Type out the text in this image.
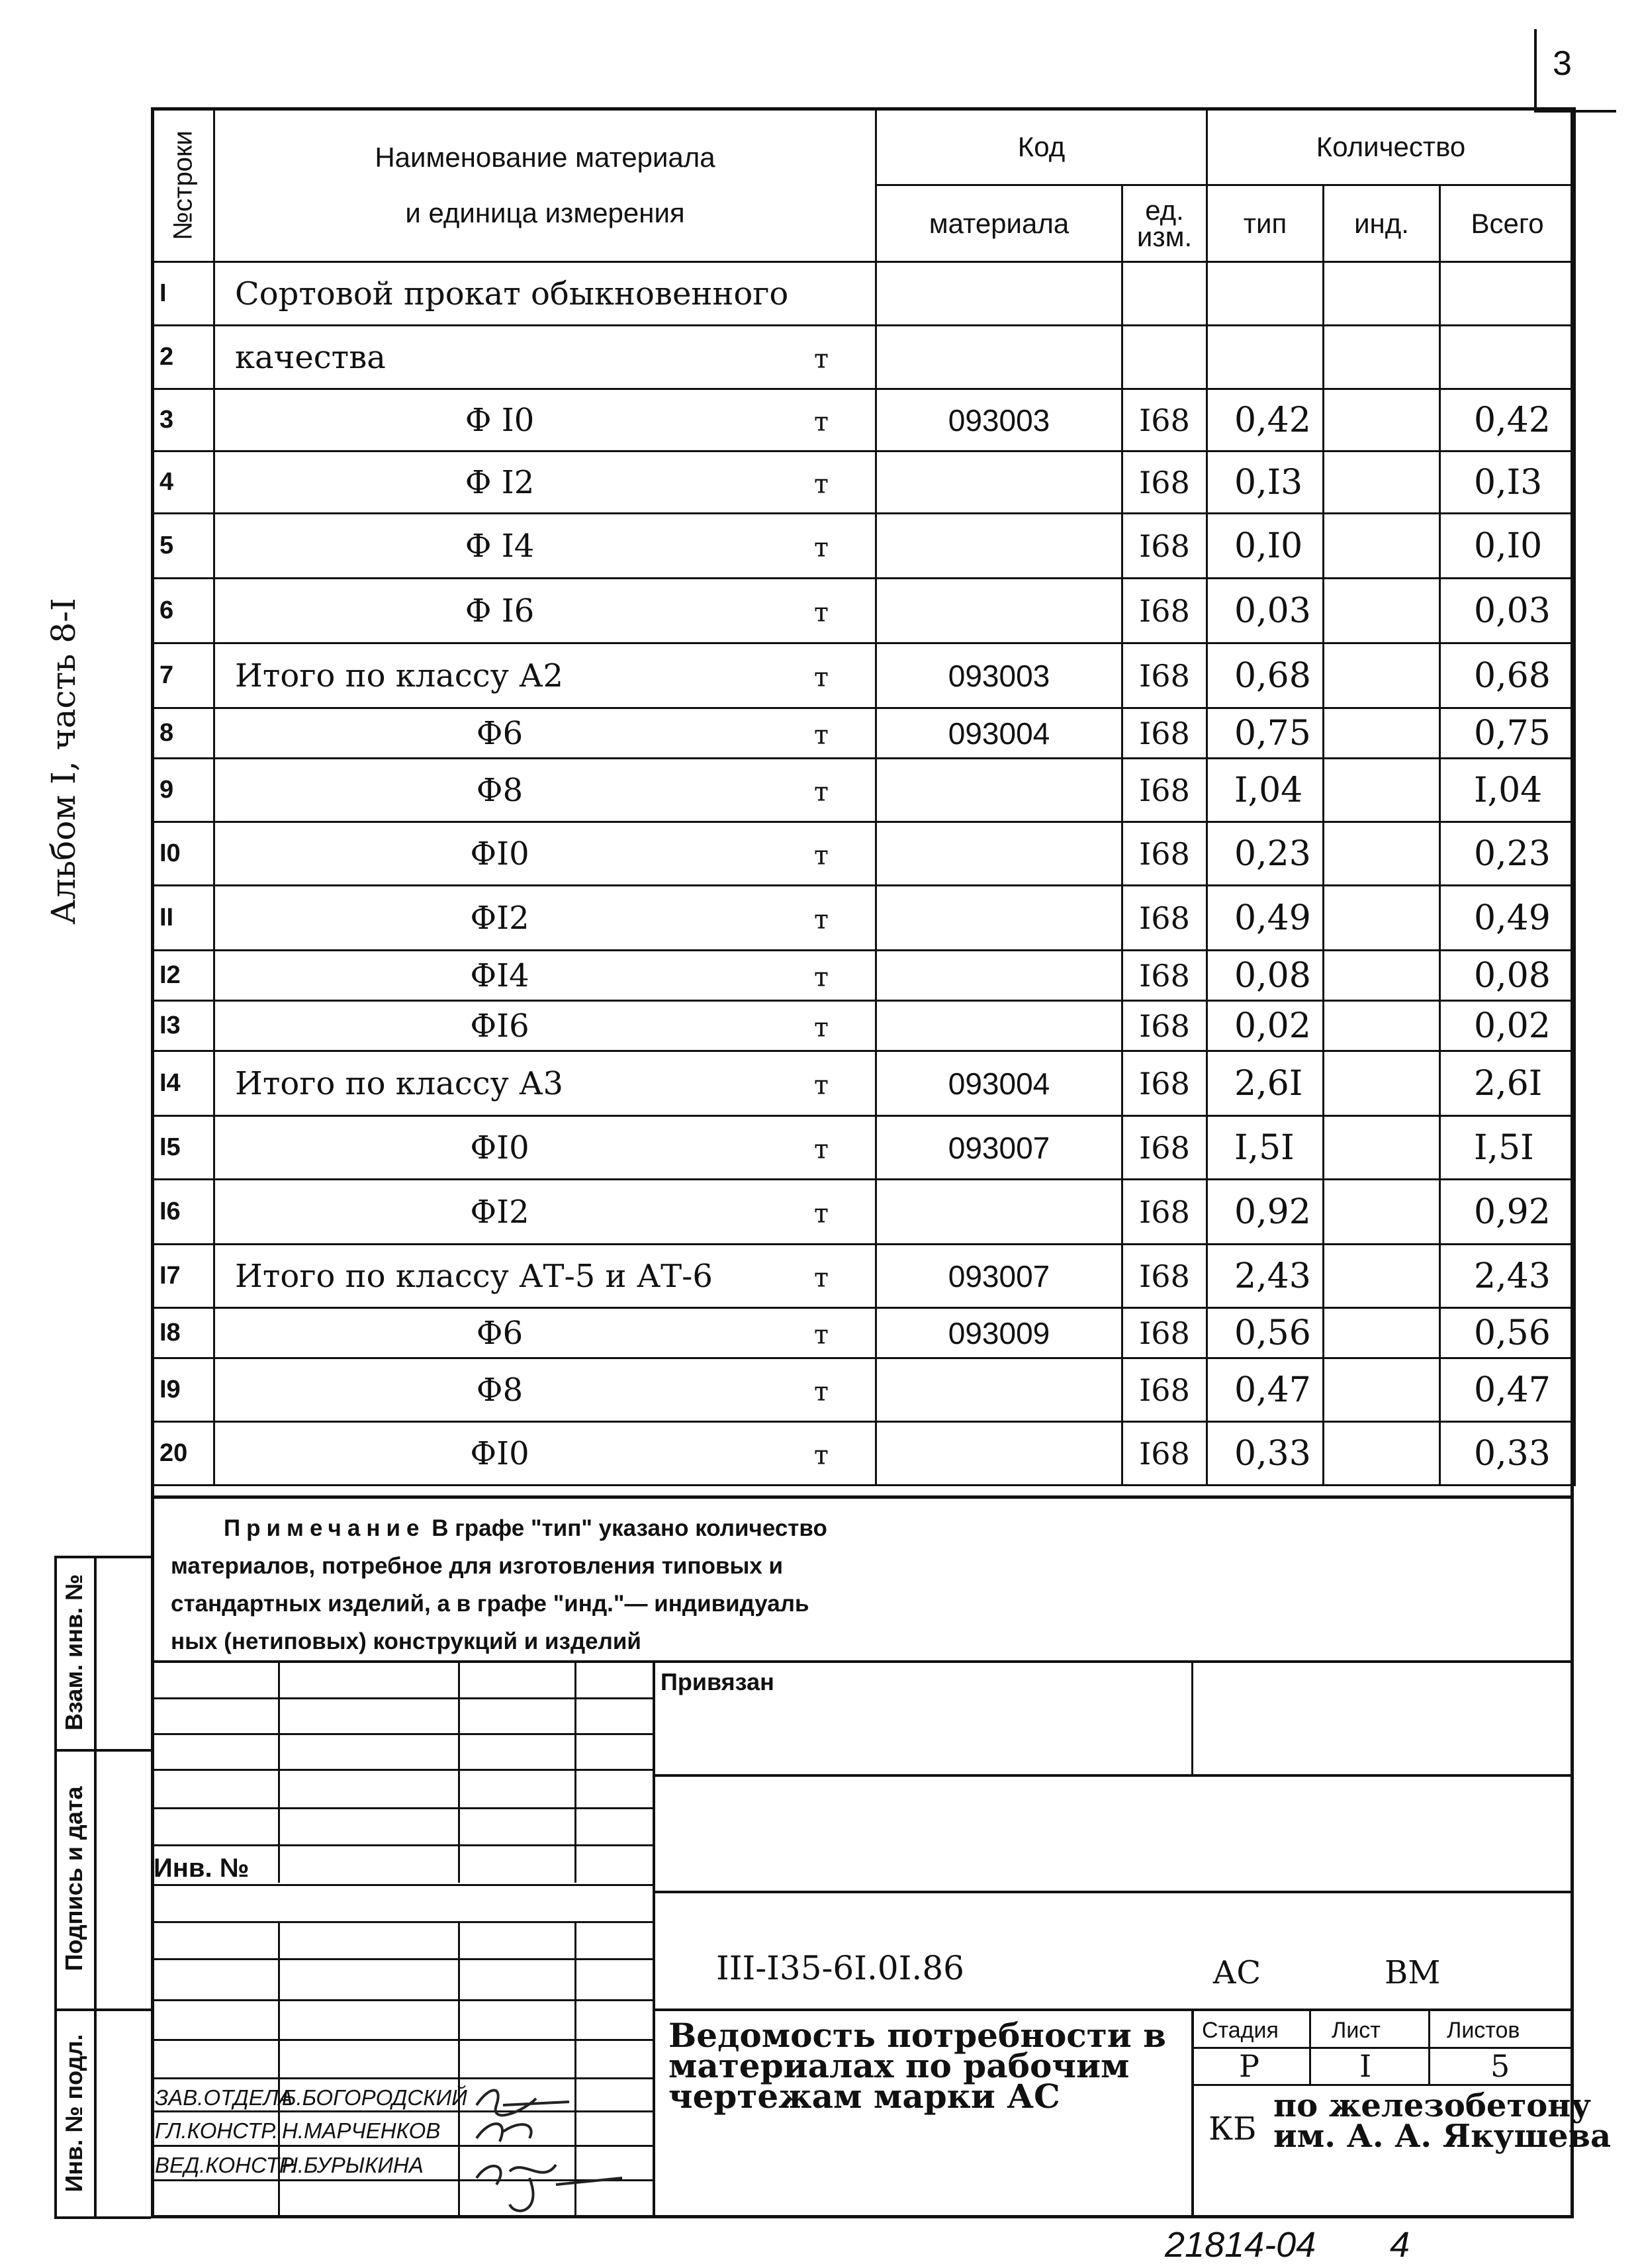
3
Альбом I, часть 8-I
№строки	Наименование материала
и единица измерения	Код		Количество		
		материала	ед. изм.	тип	инд.	Всего
I	Сортовой прокат обыкновенного					

2	качества т					

3	Ф I0 т	093003	I68	0,42		0,42
4	Ф I2 т		I68	0,I3		0,I3
5	Ф I4 т		I68	0,I0		0,I0
6	Ф I6 т		I68	0,03		0,03
7	Итого по классу А2 т	093003	I68	0,68		0,68
8	Ф6 т	093004	I68	0,75		0,75
9	Ф8 т		I68	I,04		I,04
I0	ФI0 т		I68	0,23		0,23
II	ФI2 т		I68	0,49		0,49
I2	ФI4 т		I68	0,08		0,08
I3	ФI6 т		I68	0,02		0,02
I4	Итого по классу А3 т	093004	I68	2,6I		2,6I
I5	ФI0 т	093007	I68	I,5I		I,5I
I6	ФI2 т		I68	0,92		0,92
I7	Итого по классу АТ-5 и АТ-6 т	093007	I68	2,43		2,43
I8	Ф6 т	093009	I68	0,56		0,56
I9	Ф8 т		I68	0,47		0,47
20	ФI0 т		I68	0,33		0,33
Примечание В графе "тип" указано количество
материалов, потребное для изготовления типовых и
стандартных изделий, а в графе "инд."— индивидуаль
ных (нетиповых) конструкций и изделий
Взам. инв. №
Подпись и дата
Инв. № подл.
Привязан
Инв. №
III-I35-6I.0I.86	АС	ВМ
Ведомость потребности в
материалах по рабочим
чертежам марки АС
Стадия Лист	Листов
Р	I	5
КБ
по железобетону
им. А. А. Якушева
ЗАВ.ОТДЕЛА
Б.БОГОРОДСКИЙ
ГЛ.КОНСТР. Н.МАРЧЕНКОВ
ВЕД.КОНСТР.
Н.БУРЫКИНА
21814-04 4
